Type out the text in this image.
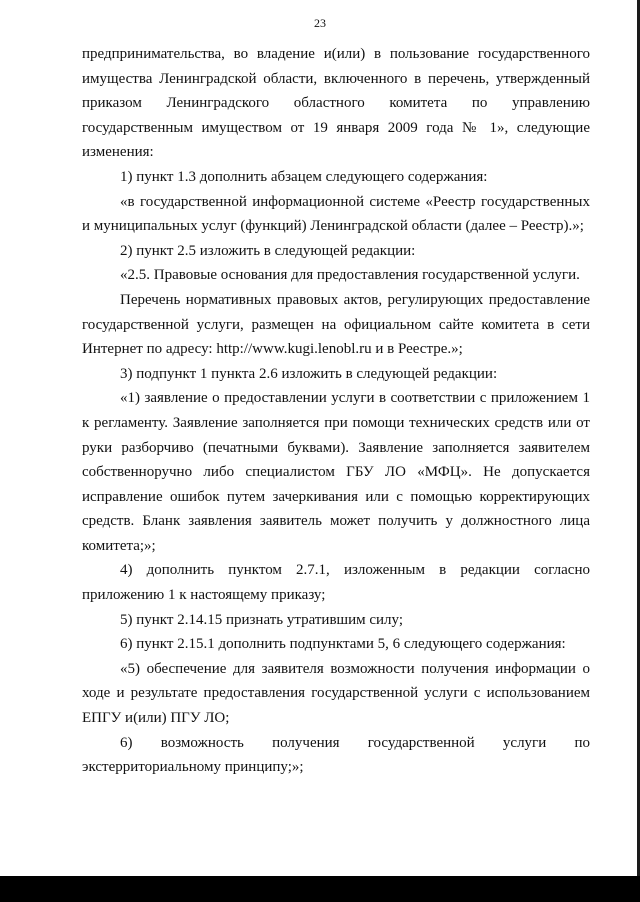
23

предпринимательства, во владение и(или) в пользование государственного имущества Ленинградской области, включенного в перечень, утвержденный приказом Ленинградского областного комитета по управлению государственным имуществом от 19 января 2009 года № 1», следующие изменения:

1) пункт 1.3 дополнить абзацем следующего содержания:

«в государственной информационной системе «Реестр государственных и муниципальных услуг (функций) Ленинградской области (далее – Реестр).»;

2) пункт 2.5 изложить в следующей редакции:

«2.5. Правовые основания для предоставления государственной услуги.

Перечень нормативных правовых актов, регулирующих предоставление государственной услуги, размещен на официальном сайте комитета в сети Интернет по адресу: http://www.kugi.lenobl.ru и в Реестре.»;

3) подпункт 1 пункта 2.6 изложить в следующей редакции:

«1) заявление о предоставлении услуги в соответствии с приложением 1 к регламенту. Заявление заполняется при помощи технических средств или от руки разборчиво (печатными буквами). Заявление заполняется заявителем собственноручно либо специалистом ГБУ ЛО «МФЦ». Не допускается исправление ошибок путем зачеркивания или с помощью корректирующих средств. Бланк заявления заявитель может получить у должностного лица комитета;»;

4) дополнить пунктом 2.7.1, изложенным в редакции согласно приложению 1 к настоящему приказу;

5) пункт 2.14.15 признать утратившим силу;

6) пункт 2.15.1 дополнить подпунктами 5, 6 следующего содержания:

«5) обеспечение для заявителя возможности получения информации о ходе и результате предоставления государственной услуги с использованием ЕПГУ и(или) ПГУ ЛО;

6) возможность получения государственной услуги по экстерриториальному принципу;»;
